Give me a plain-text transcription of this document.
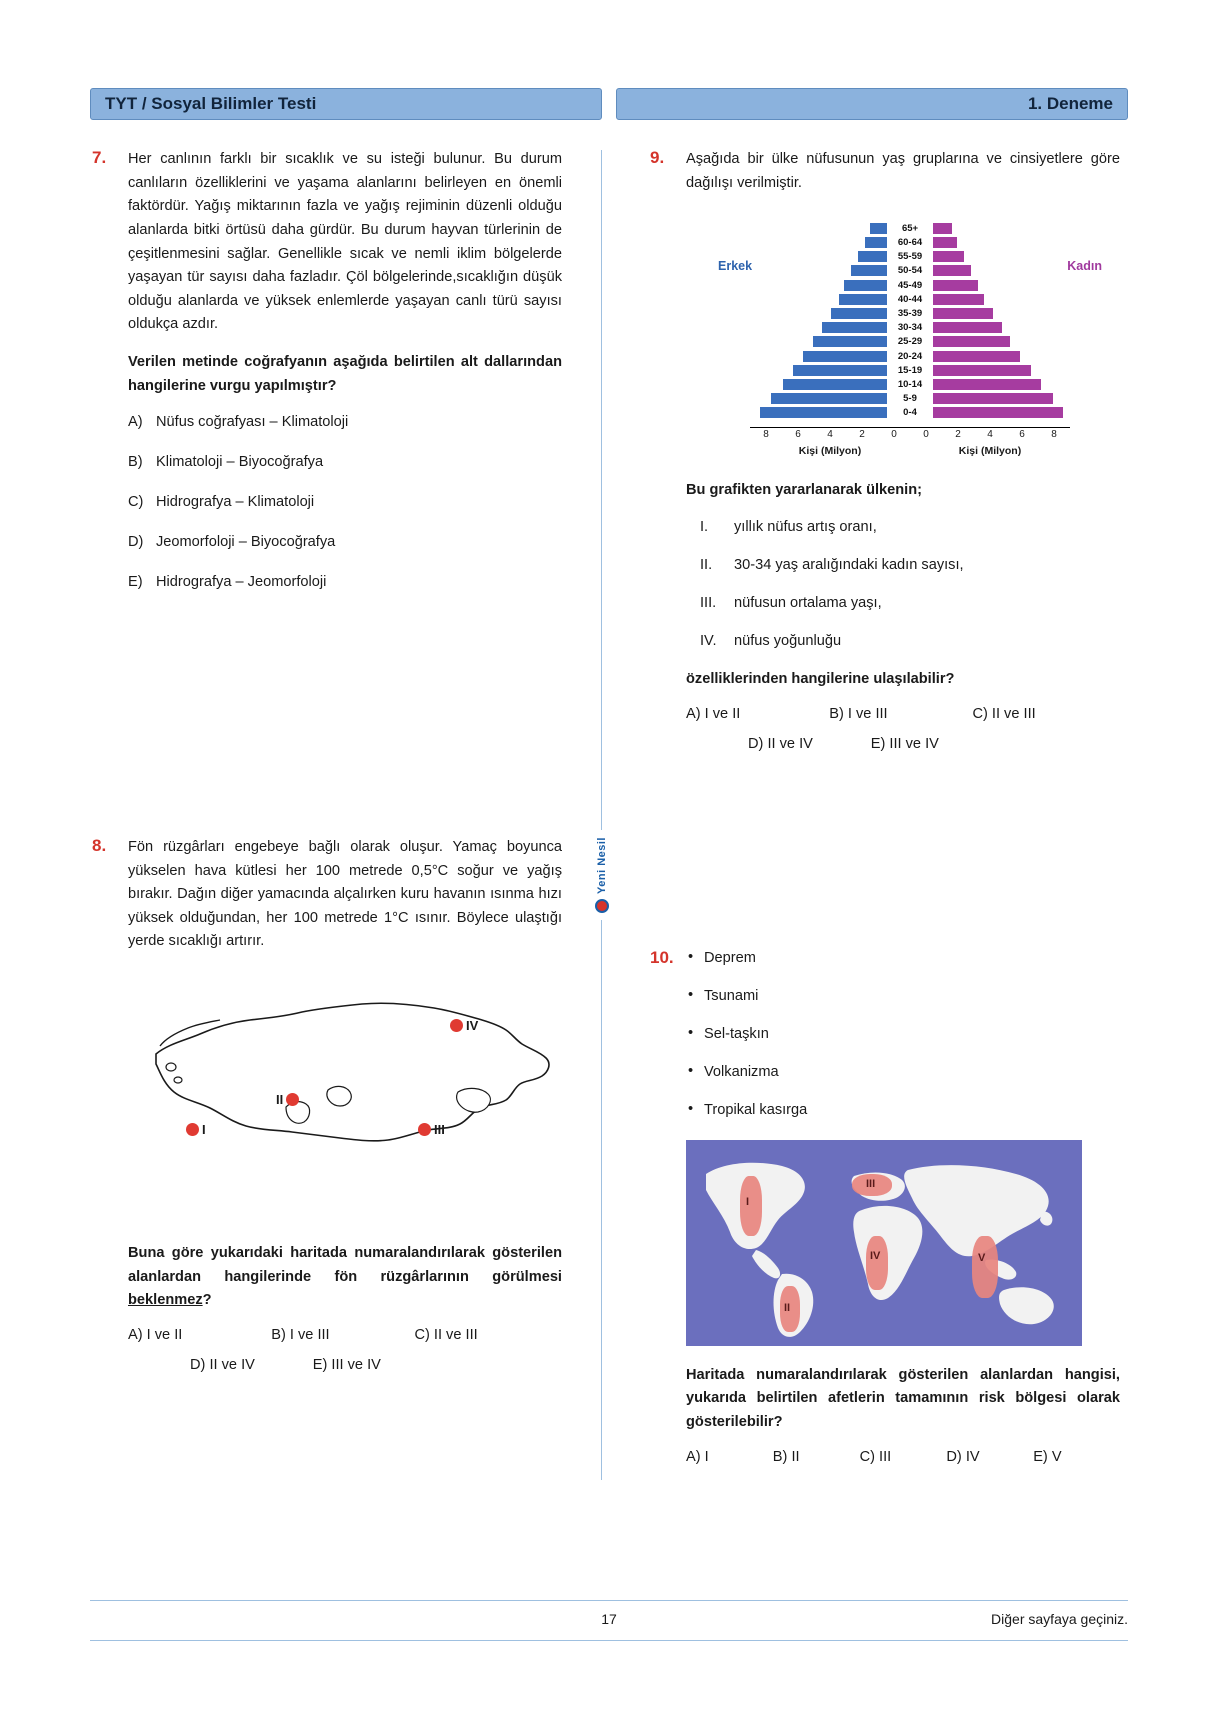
TYT / Sosyal Bilimler Testi	1. Deneme
Yeni Nesil
7.	Her canlının farklı bir sıcaklık ve su isteği bulunur. Bu durum canlıların özelliklerini ve yaşama alanlarını belirleyen en önemli faktördür. Yağış miktarının fazla ve yağış rejiminin düzenli olduğu alanlarda bitki örtüsü daha gürdür. Bu durum hayvan türlerinin de çeşitlenmesini sağlar. Genellikle sıcak ve nemli iklim bölgelerde yaşayan tür sayısı daha fazladır. Çöl bölgelerinde,sıcaklığın düşük olduğu alanlarda ve yüksek enlemlerde yaşayan canlı türü sayısı oldukça azdır.

Verilen metinde coğrafyanın aşağıda belirtilen alt dallarından hangilerine vurgu yapılmıştır?

A) Nüfus coğrafyası – Klimatoloji
B) Klimatoloji – Biyocoğrafya
C) Hidrografya – Klimatoloji
D) Jeomorfoloji – Biyocoğrafya
E) Hidrografya – Jeomorfoloji
8.	Fön rüzgârları engebeye bağlı olarak oluşur. Yamaç boyunca yükselen hava kütlesi her 100 metrede 0,5°C soğur ve yağış bırakır. Dağın diğer yamacında alçalırken kuru havanın ısınma hızı yüksek olduğundan, her 100 metrede 1°C ısınır. Böylece ulaştığı yerde sıcaklığı artırır.

IV
II
I	III

Buna göre yukarıdaki haritada numaralandırılarak gösterilen alanlardan hangilerinde fön rüzgârlarının görülmesi beklenmez?

A) I ve II	B) I ve III	C) II ve III
D) II ve IV	E) III ve IV
9.	Aşağıda bir ülke nüfusunun yaş gruplarına ve cinsiyetlere göre dağılışı verilmiştir.

Erkek	Kadın
65+
60-64
55-59
50-54
45-49
40-44
35-39
30-34
25-29
20-24
15-19
10-14
5-9
0-4
8	6	4	2	0	0	2	4	6	8
Kişi (Milyon)	Kişi (Milyon)

Bu grafikten yararlanarak ülkenin;

I.	yıllık nüfus artış oranı,
II.	30-34 yaş aralığındaki kadın sayısı,
III.	nüfusun ortalama yaşı,
IV.	nüfus yoğunluğu

özelliklerinden hangilerine ulaşılabilir?

A) I ve II	B) I ve III	C) II ve III
D) II ve IV	E) III ve IV
10.	• Deprem
• Tsunami
• Sel-taşkın
• Volkanizma
• Tropikal kasırga
I
II
III
IV	V

Haritada numaralandırılarak gösterilen alanlardan hangisi, yukarıda belirtilen afetlerin tamamının risk bölgesi olarak gösterilebilir?

A) I	B) II	C) III	D) IV	E) V
17	Diğer sayfaya geçiniz.
